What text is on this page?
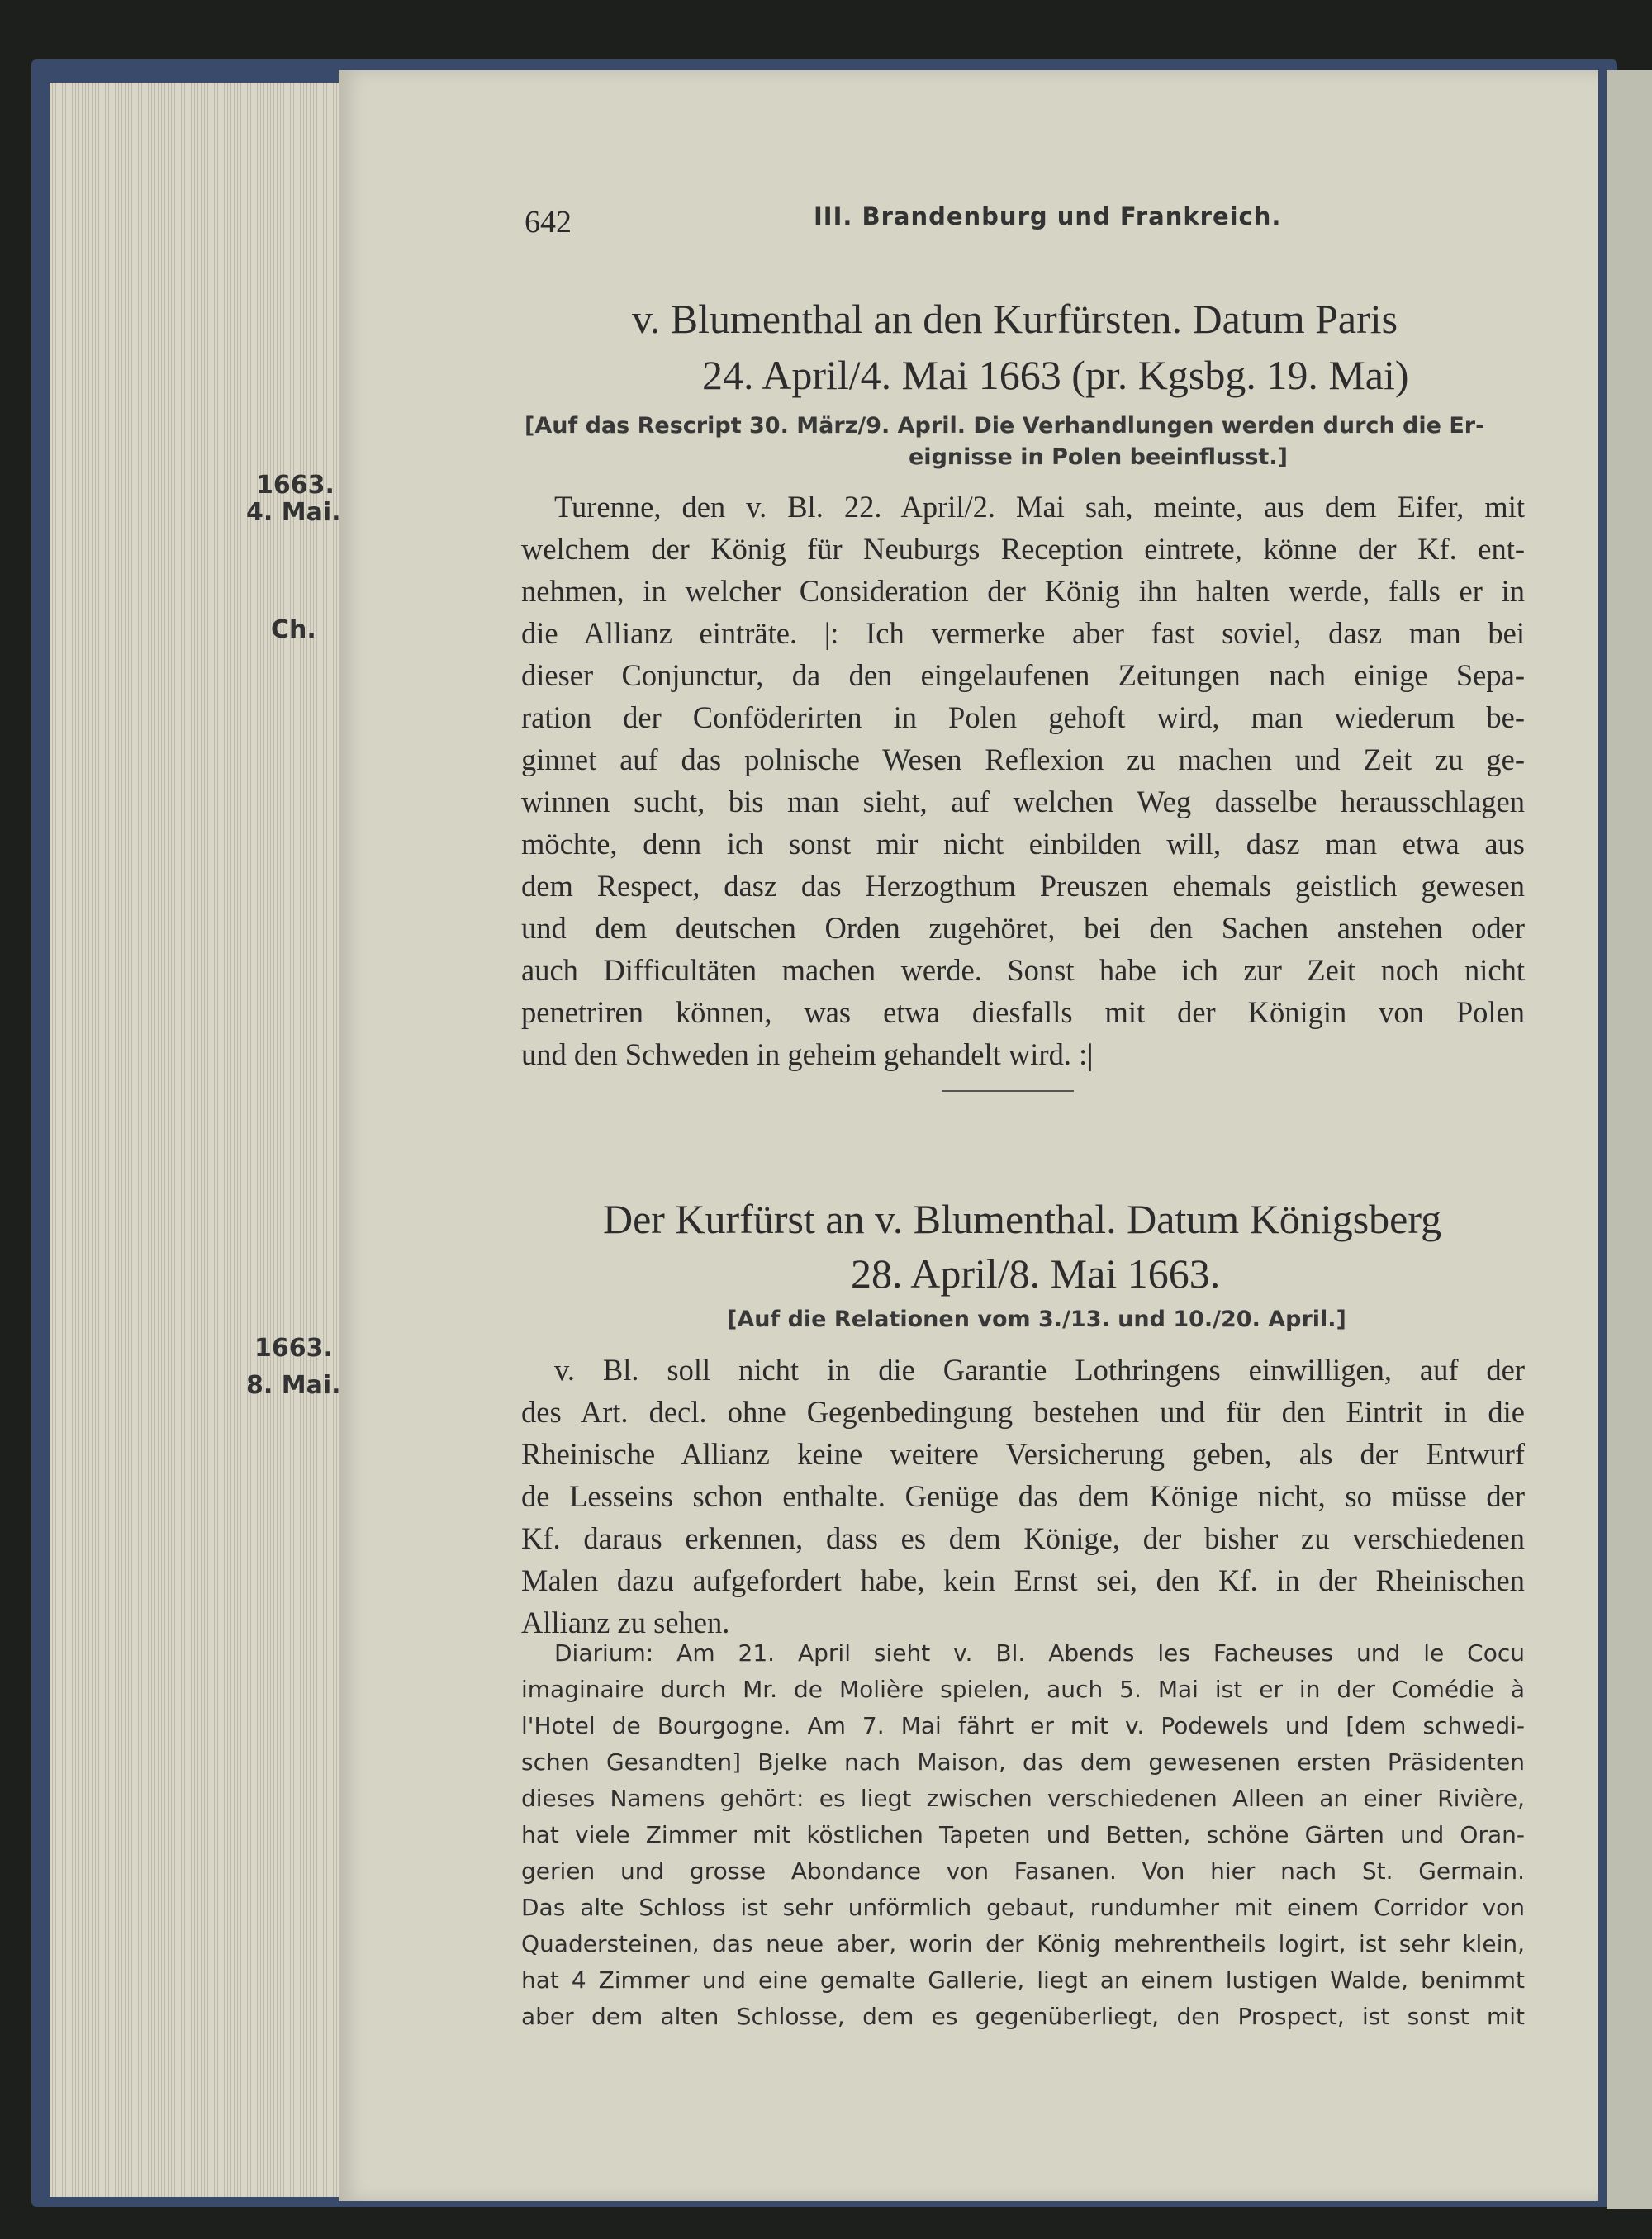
642	III. Brandenburg und Frankreich.
v. Blumenthal an den Kurfürsten. Datum Paris
24. April/4. Mai 1663 (pr. Kgsbg. 19. Mai)
[Auf das Rescript 30. März/9. April. Die Verhandlungen werden durch die Er-
eignisse in Polen beeinflusst.]
1663.
4. Mai.
Ch.
Turenne, den v. Bl. 22. April/2. Mai sah, meinte, aus dem Eifer, mit
welchem der König für Neuburgs Reception eintrete, könne der Kf. ent-
nehmen, in welcher Consideration der König ihn halten werde, falls er in
die Allianz einträte. |: Ich vermerke aber fast soviel, dasz man bei
dieser Conjunctur, da den eingelaufenen Zeitungen nach einige Sepa-
ration der Conföderirten in Polen gehoft wird, man wiederum be-
ginnet auf das polnische Wesen Reflexion zu machen und Zeit zu ge-
winnen sucht, bis man sieht, auf welchen Weg dasselbe herausschlagen
möchte, denn ich sonst mir nicht einbilden will, dasz man etwa aus
dem Respect, dasz das Herzogthum Preuszen ehemals geistlich gewesen
und dem deutschen Orden zugehöret, bei den Sachen anstehen oder
auch Difficultäten machen werde. Sonst habe ich zur Zeit noch nicht
penetriren können, was etwa diesfalls mit der Königin von Polen
und den Schweden in geheim gehandelt wird. :|
Der Kurfürst an v. Blumenthal. Datum Königsberg
28. April/8. Mai 1663.
[Auf die Relationen vom 3./13. und 10./20. April.]
1663.
8. Mai.	v. Bl. soll nicht in die Garantie Lothringens einwilligen, auf der
des Art. decl. ohne Gegenbedingung bestehen und für den Eintrit in die
Rheinische Allianz keine weitere Versicherung geben, als der Entwurf
de Lesseins schon enthalte. Genüge das dem Könige nicht, so müsse der
Kf. daraus erkennen, dass es dem Könige, der bisher zu verschiedenen
Malen dazu aufgefordert habe, kein Ernst sei, den Kf. in der Rheinischen
Allianz zu sehen.
Diarium: Am 21. April sieht v. Bl. Abends les Facheuses und le Cocu
imaginaire durch Mr. de Molière spielen, auch 5. Mai ist er in der Comédie à
l'Hotel de Bourgogne. Am 7. Mai fährt er mit v. Podewels und [dem schwedi-
schen Gesandten] Bjelke nach Maison, das dem gewesenen ersten Präsidenten
dieses Namens gehört: es liegt zwischen verschiedenen Alleen an einer Rivière,
hat viele Zimmer mit köstlichen Tapeten und Betten, schöne Gärten und Oran-
gerien und grosse Abondance von Fasanen. Von hier nach St. Germain.
Das alte Schloss ist sehr unförmlich gebaut, rundumher mit einem Corridor von
Quadersteinen, das neue aber, worin der König mehrentheils logirt, ist sehr klein,
hat 4 Zimmer und eine gemalte Gallerie, liegt an einem lustigen Walde, benimmt
aber dem alten Schlosse, dem es gegenüberliegt, den Prospect, ist sonst mit
